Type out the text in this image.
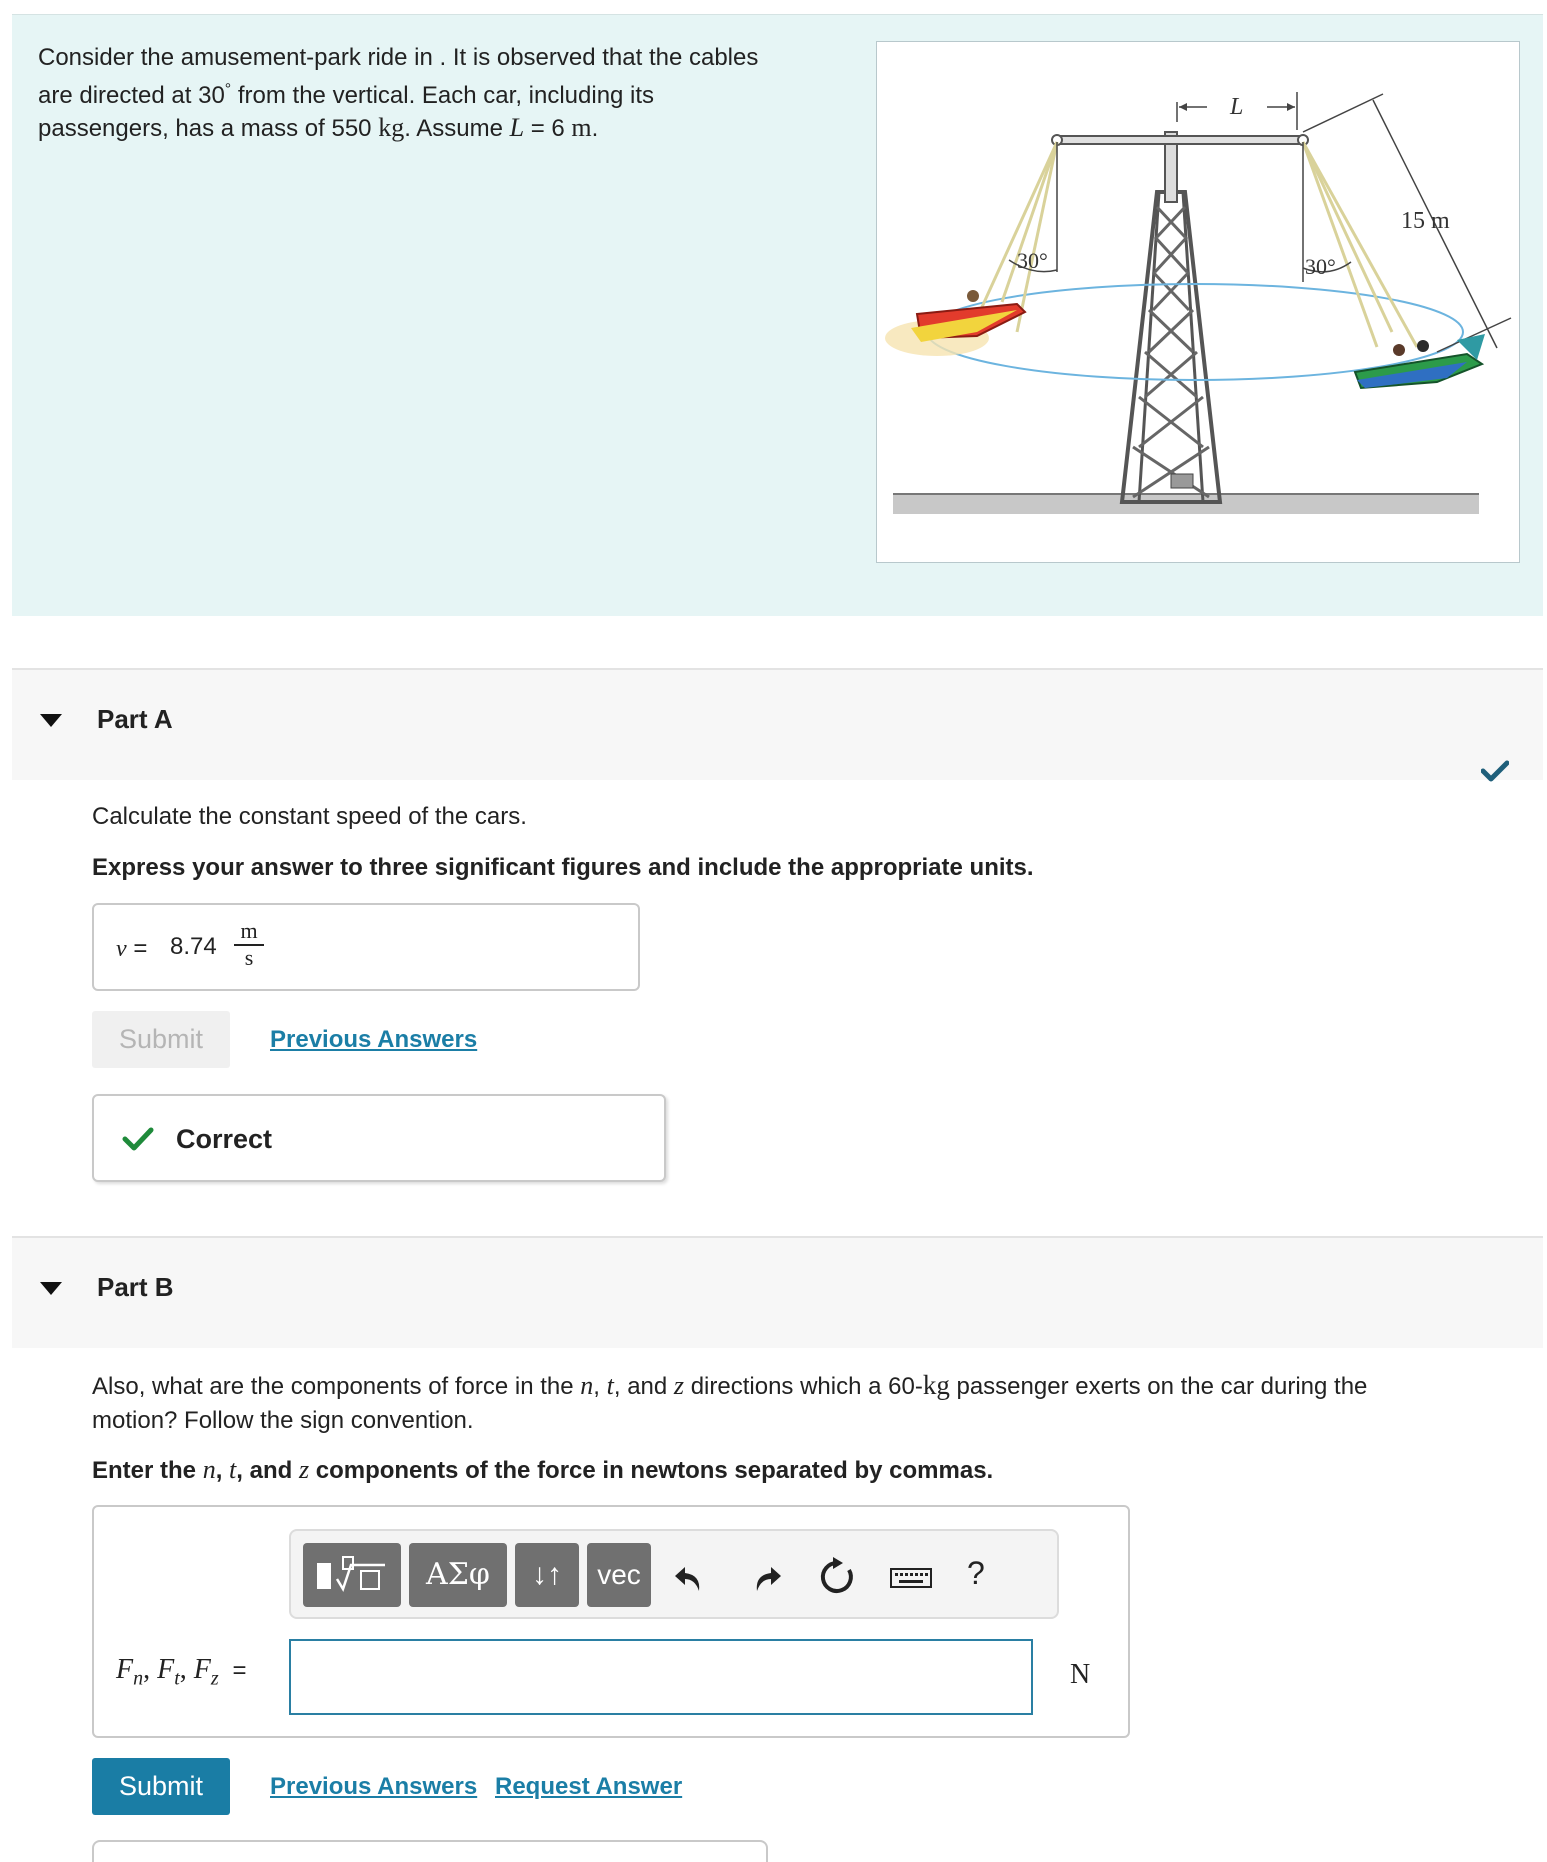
Consider the amusement-park ride in . It is observed that the cables
are directed at 30° from the vertical. Each car, including its
passengers, has a mass of 550 kg. Assume L = 6 m.
L
30°	30°
15 m
Part A
Calculate the constant speed of the cars.
Express your answer to three significant figures and include the appropriate units.
$v = 8.74 \frac{m}{s}$
Submit	Previous Answers
Correct
Part B
Also, what are the components of force in the n, t, and z directions which a 60-kg passenger exerts on the car during the
motion? Follow the sign convention.
Enter the n, t, and z components of the force in newtons separated by commas.
ΑΣφ	↓↑	vec	?
$F_n$, $F_t$, $F_z$ =	N
Submit	Previous Answers Request Answer
